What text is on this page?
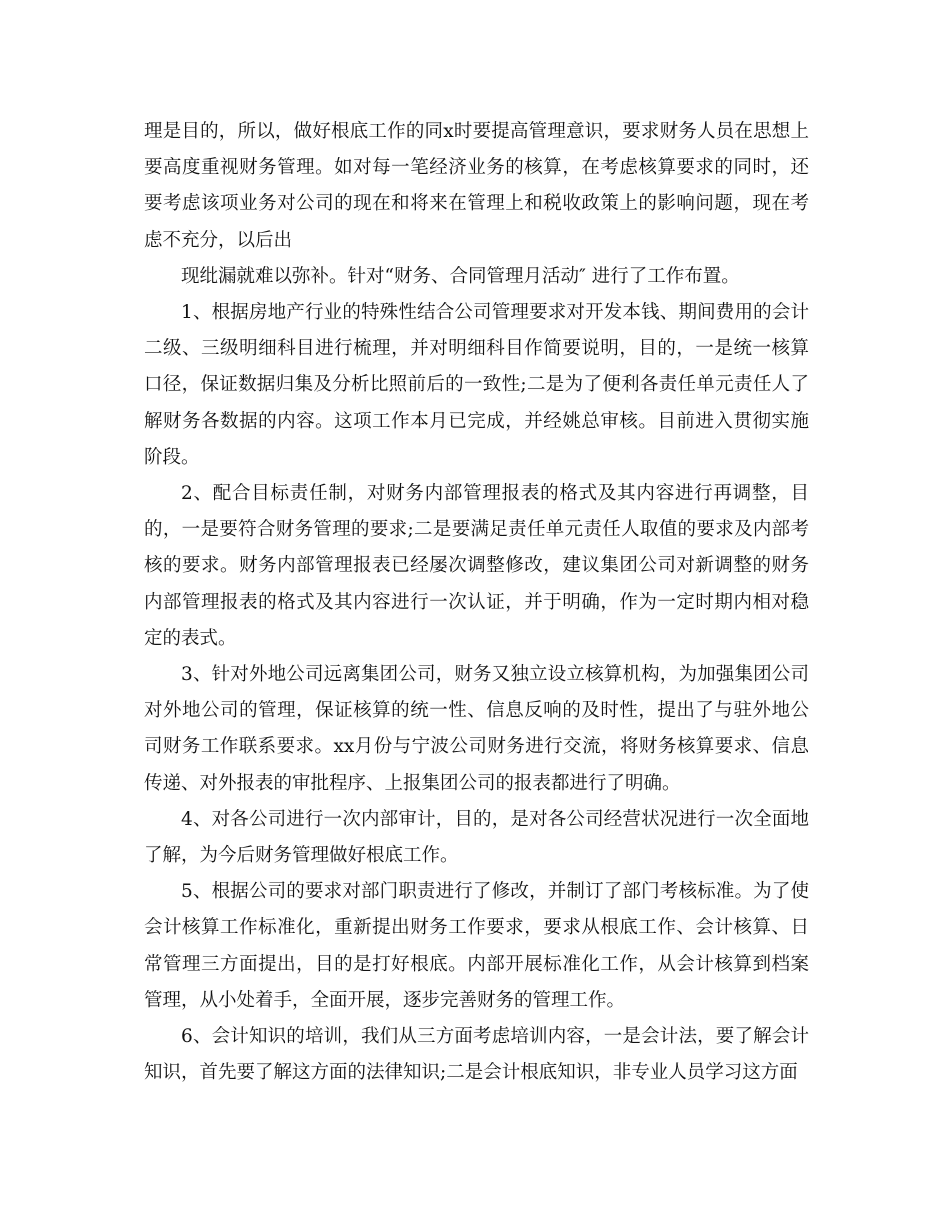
理是目的，所以，做好根底工作的同x时要提高管理意识，要求财务人员在思想上要高度重视财务管理。如对每一笔经济业务的核算，在考虑核算要求的同时，还要考虑该项业务对公司的现在和将来在管理上和税收政策上的影响问题，现在考虑不充分，以后出

现纰漏就难以弥补。针对“财务、合同管理月活动″ 进行了工作布置。

1、根据房地产行业的特殊性结合公司管理要求对开发本钱、期间费用的会计二级、三级明细科目进行梳理，并对明细科目作简要说明，目的，一是统一核算口径，保证数据归集及分析比照前后的一致性;二是为了便利各责任单元责任人了解财务各数据的内容。这项工作本月已完成，并经姚总审核。目前进入贯彻实施阶段。

2、配合目标责任制，对财务内部管理报表的格式及其内容进行再调整，目的，一是要符合财务管理的要求;二是要满足责任单元责任人取值的要求及内部考核的要求。财务内部管理报表已经屡次调整修改，建议集团公司对新调整的财务内部管理报表的格式及其内容进行一次认证，并于明确，作为一定时期内相对稳定的表式。

3、针对外地公司远离集团公司，财务又独立设立核算机构，为加强集团公司对外地公司的管理，保证核算的统一性、信息反响的及时性，提出了与驻外地公司财务工作联系要求。xx月份与宁波公司财务进行交流，将财务核算要求、信息传递、对外报表的审批程序、上报集团公司的报表都进行了明确。

4、对各公司进行一次内部审计，目的，是对各公司经营状况进行一次全面地了解，为今后财务管理做好根底工作。

5、根据公司的要求对部门职责进行了修改，并制订了部门考核标准。为了使会计核算工作标准化，重新提出财务工作要求，要求从根底工作、会计核算、日常管理三方面提出，目的是打好根底。内部开展标准化工作，从会计核算到档案管理，从小处着手，全面开展，逐步完善财务的管理工作。

6、会计知识的培训，我们从三方面考虑培训内容，一是会计法，要了解会计知识，首先要了解这方面的法律知识;二是会计根底知识，非专业人员学习这方面
